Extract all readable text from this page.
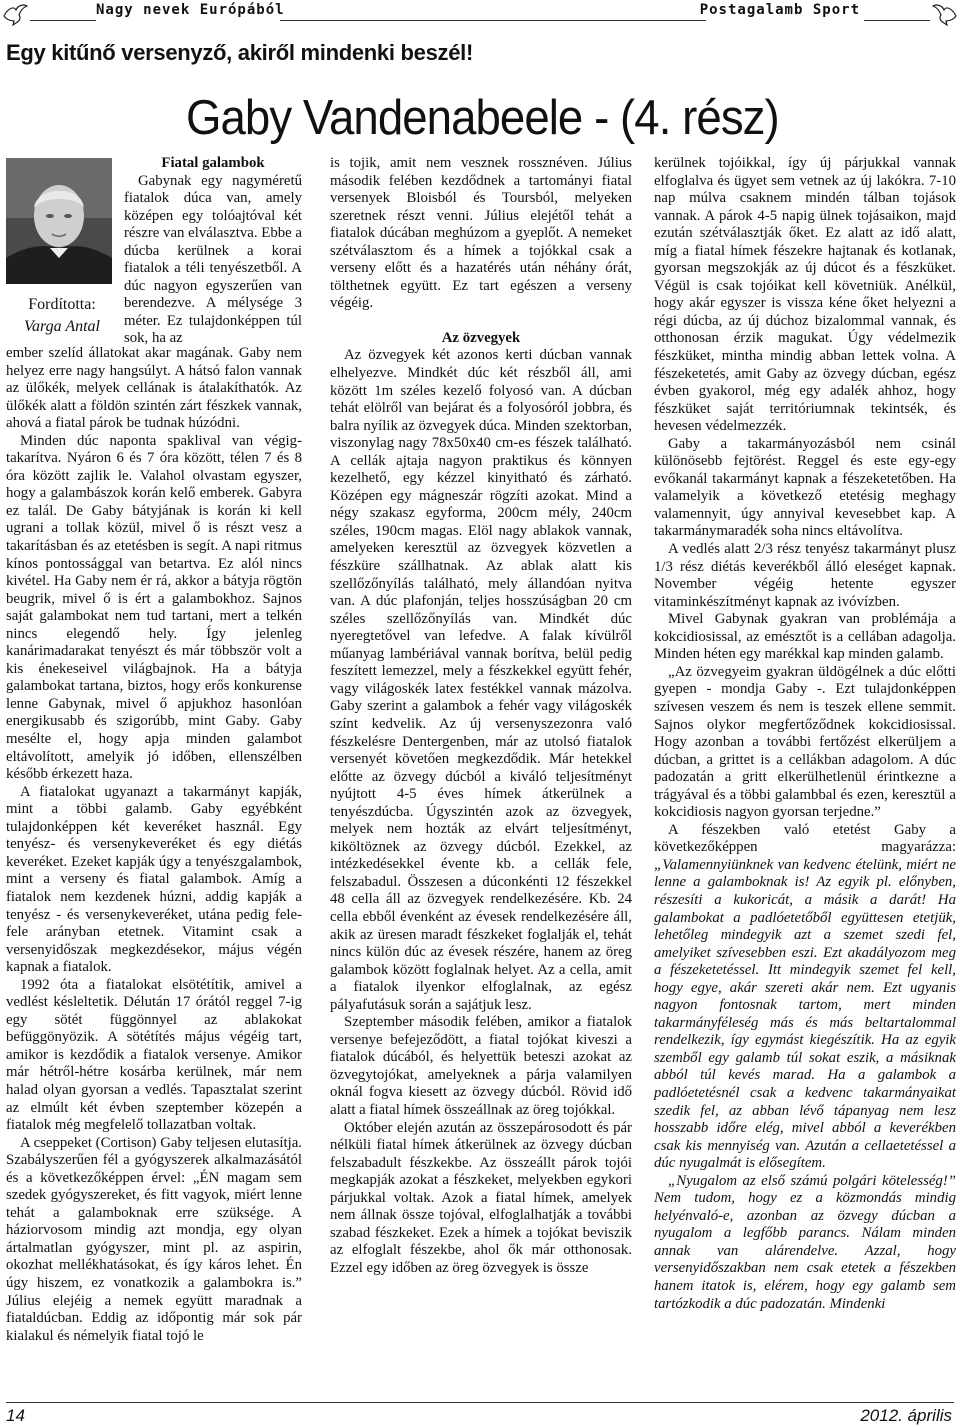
Nagy nevek Európából	Postagalamb Sport
Egy kitűnő versenyző, akiről mindenki beszél!
Gaby Vandenabeele - (4. rész)
Fordította:
Varga Antal

Fiatal galambok

Gabynak egy nagyméretű fiatalok dúca van, amely középen egy tolóajtóval két részre van elválasztva. Ebbe a dúcba kerülnek a korai fiatalok a téli tenyészetből. A dúc nagyon egyszerűen van berendezve. A mélysége 3 méter. Ez tulajdonképpen túl sok, ha az

ember szelíd állatokat akar magának. Gaby nem helyez erre nagy hangsúlyt. A hátsó falon vannak az ülőkék, melyek cellának is átalakíthatók. Az ülőkék alatt a földön szintén zárt fészkek vannak, ahová a fiatal párok be tudnak húzódni.

Minden dúc naponta spaklival van végigtakarítva. Nyáron 6 és 7 óra között, télen 7 és 8 óra között zajlik le. Valahol olvastam egyszer, hogy a galambászok korán kelő emberek. Gabyra ez talál. De Gaby bátyjának is korán ki kell ugrani a tollak közül, mivel ő is részt vesz a takarításban és az etetésben is segít. A napi ritmus kínos pontossággal van betartva. Ez alól nincs kivétel. Ha Gaby nem ér rá, akkor a bátyja rögtön beugrik, mivel ő is ért a galambokhoz. Sajnos saját galambokat nem tud tartani, mert a telkén nincs elegendő hely. Így jelenleg kanárimadarakat tenyészt és már többször volt a kis énekeseivel világbajnok. Ha a bátyja galambokat tartana, biztos, hogy erős konkurense lenne Gabynak, mivel ő apjukhoz hasonlóan energikusabb és szigorúbb, mint Gaby. Gaby mesélte el, hogy apja minden galambot eltávolított, amelyik jó időben, ellenszélben később érkezett haza.

A fiatalokat ugyanazt a takarmányt kapják, mint a többi galamb. Gaby egyébként tulajdonképpen két keveréket használ. Egy tenyész- és versenykeveréket és egy diétás keveréket. Ezeket kapják úgy a tenyészgalambok, mint a verseny és fiatal galambok. Amíg a fiatalok nem kezdenek húzni, addig kapják a tenyész - és versenykeveréket, utána pedig fele-fele arányban etetnek. Vitamint csak a versenyidőszak megkezdésekor, május végén kapnak a fiatalok.

1992 óta a fiatalokat elsötétítik, amivel a vedlést késleltetik. Délután 17 órától reggel 7-ig egy sötét függönnyel az ablakokat befüggönyözik. A sötétítés május végéig tart, amikor is kezdődik a fiatalok versenye. Amikor már hétről-hétre kosárba kerülnek, már nem halad olyan gyorsan a vedlés. Tapasztalat szerint az elmúlt két évben szeptember közepén a fiatalok még megfelelő tollazatban voltak.

A cseppeket (Cortison) Gaby teljesen elutasítja. Szabályszerűen fél a gyógyszerek alkalmazásától és a következőképpen érvel: „ÉN magam sem szedek gyógyszereket, és fitt vagyok, miért lenne tehát a galamboknak erre szüksége. A háziorvosom mindig azt mondja, egy olyan ártalmatlan gyógyszer, mint pl. az aspirin, okozhat mellékhatásokat, és így káros lehet. Én úgy hiszem, ez vonatkozik a galambokra is.” Július elejéig a nemek együtt maradnak a fiataldúcban. Eddig az időpontig már sok pár kialakul és némelyik fiatal tojó le

is tojik, amit nem vesznek rossznéven. Július második felében kezdődnek a tartományi fiatal versenyek Bloisból és Toursból, melyeken szeretnek részt venni. Július elejétől tehát a fiatalok dúcában meghúzom a gyeplőt. A nemeket szétválasztom és a hímek a tojókkal csak a verseny előtt és a hazatérés után néhány órát, tölthetnek együtt. Ez tart egészen a verseny végéig.

Az özvegyek

Az özvegyek két azonos kerti dúcban vannak elhelyezve. Mindkét dúc két részből áll, ami között 1m széles kezelő folyosó van. A dúcban tehát elölről van bejárat és a folyosóról jobbra, és balra nyílik az özvegyek dúca. Minden szektorban, viszonylag nagy 78x50x40 cm-es fészek található. A cellák ajtaja nagyon praktikus és könnyen kezelhető, egy kézzel kinyitható és zárható. Középen egy mágneszár rögzíti azokat. Mind a négy szakasz egyforma, 200cm mély, 240cm széles, 190cm magas. Elöl nagy ablakok vannak, amelyeken keresztül az özvegyek közvetlen a fészküre szállhatnak. Az ablak alatt kis szellőzőnyílás található, mely állandóan nyitva van. A dúc plafonján, teljes hosszúságban 20 cm széles szellőzőnyílás van. Mindkét dúc nyeregtetővel van lefedve. A falak kívülről műanyag lambériával vannak borítva, belül pedig feszített lemezzel, mely a fészkekkel együtt fehér, vagy világoskék latex festékkel vannak mázolva. Gaby szerint a galambok a fehér vagy világoskék színt kedvelik. Az új versenyszezonra való fészkelésre Dentergenben, már az utolsó fiatalok versenyét követően megkezdődik. Már hetekkel előtte az özvegy dúcból a kiváló teljesítményt nyújtott 4-5 éves hímek átkerülnek a tenyészdúcba. Úgyszintén azok az özvegyek, melyek nem hozták az elvárt teljesítményt, kiköltöznek az özvegy dúcból. Ezekkel, az intézkedésekkel évente kb. a cellák fele, felszabadul. Összesen a dúconkénti 12 fészekkel 48 cella áll az özvegyek rendelkezésére. Kb. 24 cella ebből évenként az évesek rendelkezésére áll, akik az üresen maradt fészkeket foglalják el, tehát nincs külön dúc az évesek részére, hanem az öreg galambok között foglalnak helyet. Az a cella, amit a fiatalok ilyenkor elfoglalnak, az egész pályafutásuk során a sajátjuk lesz.

Szeptember második felében, amikor a fiatalok versenye befejeződött, a fiatal tojókat kiveszi a fiatalok dúcából, és helyettük beteszi azokat az özvegytojókat, amelyeknek a párja valamilyen oknál fogva kiesett az özvegy dúcból. Rövid idő alatt a fiatal hímek összeállnak az öreg tojókkal.

Október elején azután az összepárosodott és pár nélküli fiatal hímek átkerülnek az özvegy dúcban felszabadult fészkekbe. Az összeállt párok tojói megkapják azokat a fészkeket, melyekben egykori párjukkal voltak. Azok a fiatal hímek, amelyek nem állnak össze tojóval, elfoglalhatják a további szabad fészkeket. Ezek a hímek a tojókat beviszik az elfoglalt fészekbe, ahol ők már otthonosak. Ezzel egy időben az öreg özvegyek is össze

kerülnek tojóikkal, így új párjukkal vannak elfoglalva és ügyet sem vetnek az új lakókra. 7-10 nap múlva csaknem mindén tálban tojások vannak. A párok 4-5 napig ülnek tojásaikon, majd ezután szétválasztják őket. Ez alatt az idő alatt, míg a fiatal hímek fészekre hajtanak és kotlanak, gyorsan megszokják az új dúcot és a fészküket. Végül is csak tojóikat kell követniük. Anélkül, hogy akár egyszer is vissza kéne őket helyezni a régi dúcba, az új dúchoz bizalommal vannak, és otthonosan érzik magukat. Úgy védelmezik fészküket, mintha mindig abban lettek volna. A fészeketetés, amit Gaby az özvegy dúcban, egész évben gyakorol, még egy adalék ahhoz, hogy fészküket saját territóriumnak tekintsék, és hevesen védelmezzék.

Gaby a takarmányozásból nem csinál különösebb fejtörést. Reggel és este egy-egy evőkanál takarmányt kapnak a fészeketetőben. Ha valamelyik a következő etetésig meghagy valamennyit, úgy annyival kevesebbet kap. A takarmánymaradék soha nincs eltávolítva.

A vedlés alatt 2/3 rész tenyész takarmányt plusz 1/3 rész diétás keverékből álló eleséget kapnak. November végéig hetente egyszer vitaminkészítményt kapnak az ivóvízben.

Mivel Gabynak gyakran van problémája a kokcidiosissal, az emésztőt is a cellában adagolja. Minden héten egy marékkal kap minden galamb.

„Az özvegyeim gyakran üldögélnek a dúc előtti gyepen - mondja Gaby -. Ezt tulajdonképpen szívesen veszem és nem is teszek ellene semmit. Sajnos olykor megfertőződnek kokcidiosissal. Hogy azonban a további fertőzést elkerüljem a dúcban, a grittet is a cellákban adagolom. A dúc padozatán a gritt elkerülhetlenül érintkezne a trágyával és a többi galambbal és ezen, keresztül a kokcidiosis nagyon gyorsan terjedne.”

A fészekben való etetést Gaby a következőképpen magyarázza: „Valamennyiünknek van kedvenc ételünk, miért ne lenne a galamboknak is! Az egyik pl. előnyben, részesíti a kukoricát, a másik a darát! Ha galambokat a padlóetetőből együttesen etetjük, lehetőleg mindegyik azt a szemet szedi fel, amelyiket szívesebben eszi. Ezt akadályozom meg a fészeketetéssel. Itt mindegyik szemet fel kell, hogy egye, akár szereti akár nem. Ezt ugyanis nagyon fontosnak tartom, mert minden takarmányféleség más és más beltartalommal rendelkezik, így egymást kiegészítik. Ha az egyik szemből egy galamb túl sokat eszik, a másiknak abból túl kevés marad. Ha a galambok a padlóetetésnél csak a kedvenc takarmányaikat szedik fel, az abban lévő tápanyag nem lesz hosszabb időre elég, mivel abból a keverékben csak kis mennyiség van. Azután a cellaetetéssel a dúc nyugalmát is elősegítem.

„Nyugalom az első számú polgári kötelesség!” Nem tudom, hogy ez a közmondás mindig helyénvaló-e, azonban az özvegy dúcban a nyugalom a legfőbb parancs. Nálam minden annak van alárendelve. Azzal, hogy versenyidőszakban nem csak etetek a fészekben hanem itatok is, elérem, hogy egy galamb sem tartózkodik a dúc padozatán. Mindenki

14	2012. április
